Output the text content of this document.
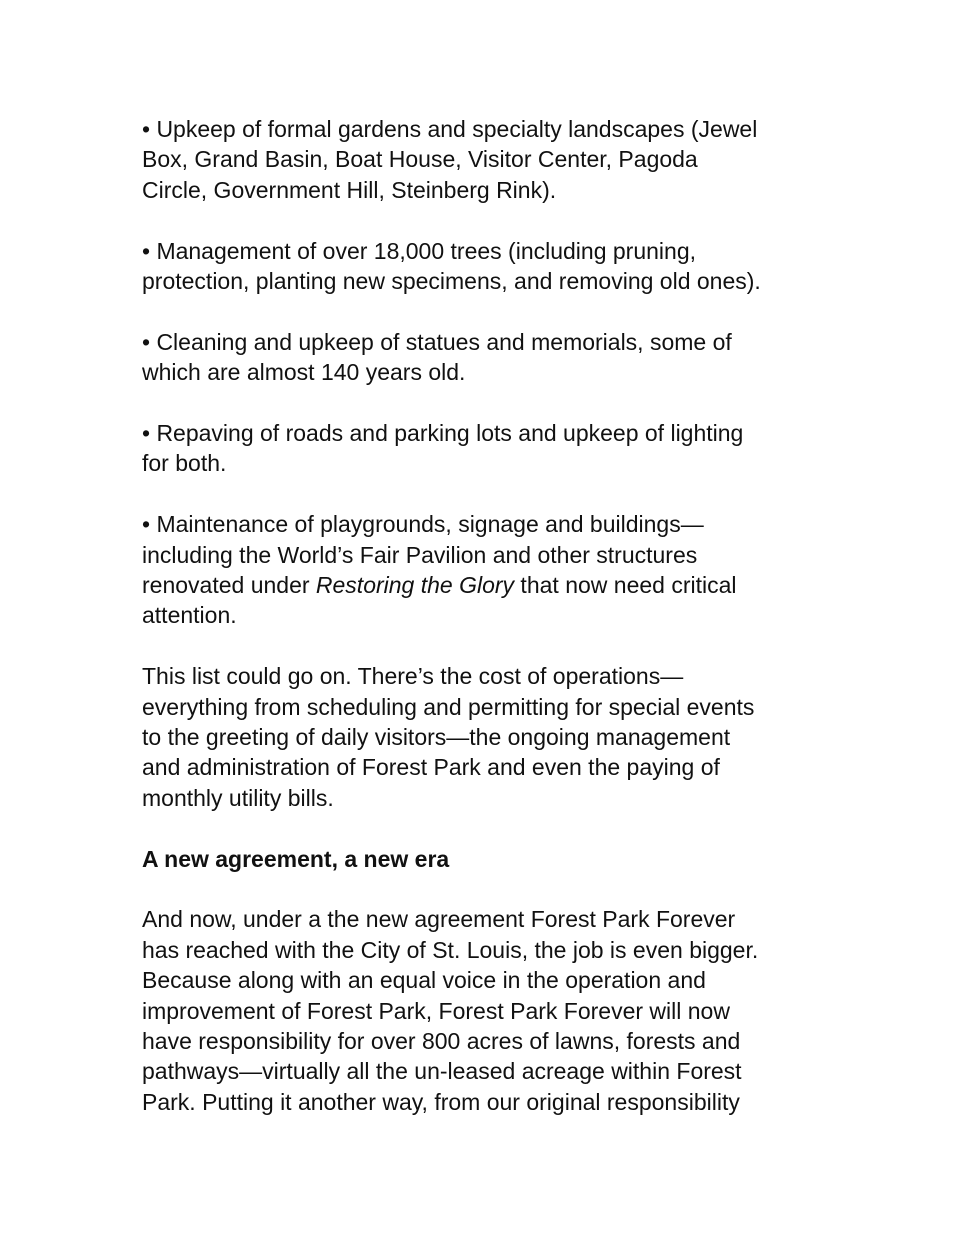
• Upkeep of formal gardens and specialty landscapes (Jewel
Box, Grand Basin, Boat House, Visitor Center, Pagoda
Circle, Government Hill, Steinberg Rink).

• Management of over 18,000 trees (including pruning,
protection, planting new specimens, and removing old ones).

• Cleaning and upkeep of statues and memorials, some of
which are almost 140 years old.

• Repaving of roads and parking lots and upkeep of lighting
for both.

• Maintenance of playgrounds, signage and buildings—
including the World’s Fair Pavilion and other structures
renovated under Restoring the Glory that now need critical
attention.

This list could go on. There’s the cost of operations—
everything from scheduling and permitting for special events
to the greeting of daily visitors—the ongoing management
and administration of Forest Park and even the paying of
monthly utility bills.

A new agreement, a new era

And now, under a the new agreement Forest Park Forever
has reached with the City of St. Louis, the job is even bigger.
Because along with an equal voice in the operation and
improvement of Forest Park, Forest Park Forever will now
have responsibility for over 800 acres of lawns, forests and
pathways—virtually all the un-leased acreage within Forest
Park. Putting it another way, from our original responsibility
